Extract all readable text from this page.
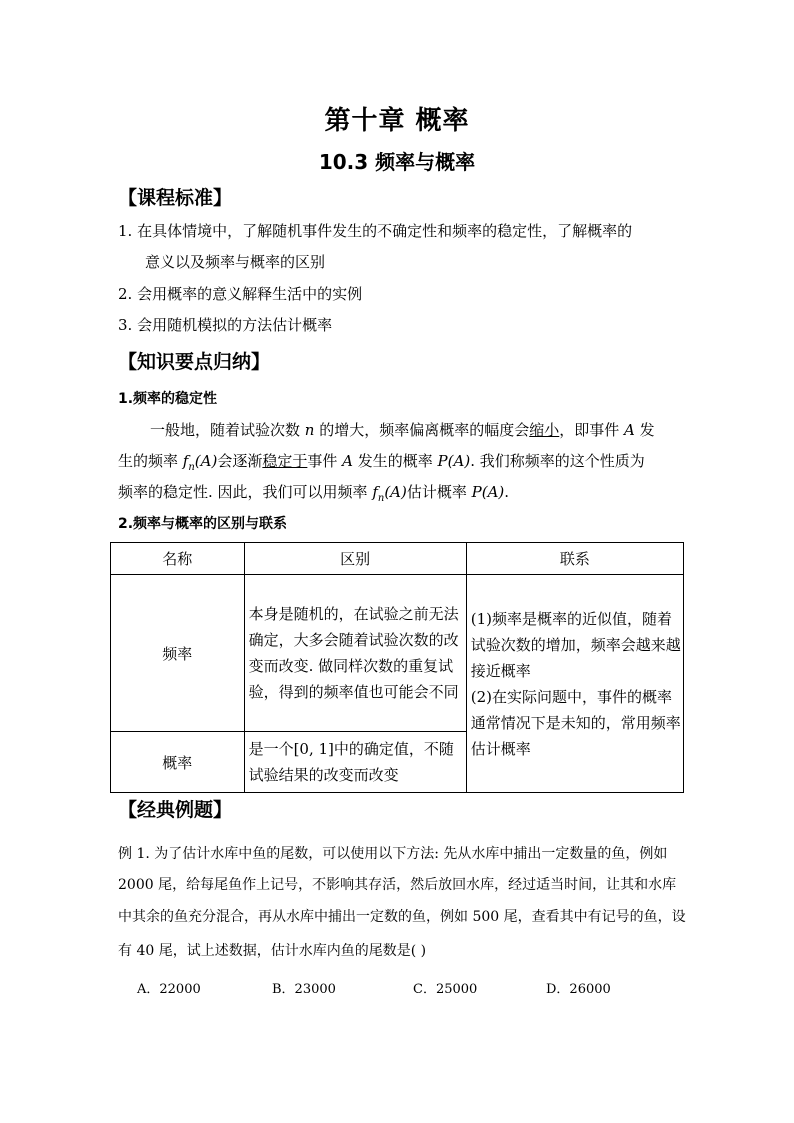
第十章 概率
10.3 频率与概率
【课程标准】
1. 在具体情境中，了解随机事件发生的不确定性和频率的稳定性，了解概率的
意义以及频率与概率的区别
2. 会用概率的意义解释生活中的实例
3. 会用随机模拟的方法估计概率
【知识要点归纳】
1.频率的稳定性
一般地，随着试验次数 n 的增大，频率偏离概率的幅度会缩小，即事件 A 发
生的频率 $f_n(A)$会逐渐稳定于事件 A 发生的概率 P(A). 我们称频率的这个性质为
频率的稳定性. 因此，我们可以用频率 $f_n(A)$估计概率 P(A).
2.频率与概率的区别与联系
名称	区别	联系
频率	本身是随机的，在试验之前无法确定，大多会随着试验次数的改变而改变. 做同样次数的重复试验，得到的频率值也可能会不同	(1)频率是概率的近似值，随着试验次数的增加，频率会越来越接近概率
(2)在实际问题中，事件的概率通常情况下是未知的，常用频率估计概率

概率	是一个[0, 1]中的确定值，不随试验结果的改变而改变	
【经典例题】
例 1. 为了估计水库中鱼的尾数，可以使用以下方法: 先从水库中捕出一定数量的鱼，例如
2000 尾，给每尾鱼作上记号，不影响其存活，然后放回水库，经过适当时间，让其和水库
中其余的鱼充分混合，再从水库中捕出一定数的鱼，例如 500 尾，查看其中有记号的鱼，设
有 40 尾，试上述数据，估计水库内鱼的尾数是( )
A．22000	B．23000	C．25000	D．26000
